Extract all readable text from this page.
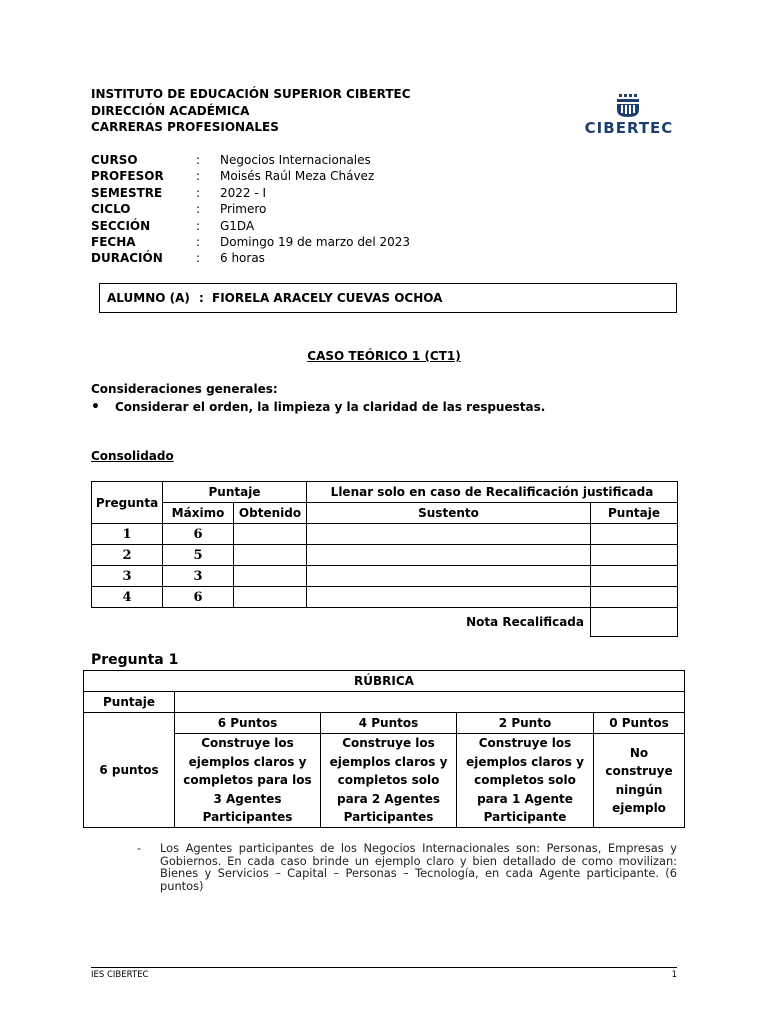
INSTITUTO DE EDUCACIÓN SUPERIOR CIBERTEC
DIRECCIÓN ACADÉMICA
CARRERAS PROFESIONALES	CIBERTEC
CURSO	:	Negocios Internacionales
PROFESOR	:	Moisés Raúl Meza Chávez
SEMESTRE	:	2022 - I
CICLO	:	Primero
SECCIÓN	:	G1DA
FECHA	:	Domingo 19 de marzo del 2023
DURACIÓN	:	6 horas
ALUMNO (A) : FIORELA ARACELY CUEVAS OCHOA
CASO TEÓRICO 1 (CT1)
Consideraciones generales:
•	Considerar el orden, la limpieza y la claridad de las respuestas.
Consolidado
Pregunta	Puntaje		Llenar solo en caso de Recalificación justificada	
	Máximo	Obtenido	Sustento	Puntaje
1	6			
2	5			
3	3			
4	6			
Nota Recalificada				
Pregunta 1
RÚBRICA				
Puntaje				
6 puntos	6 Puntos	4 Puntos	2 Punto	0 Puntos
	Construye los ejemplos claros y completos para los 3 Agentes Participantes	Construye los ejemplos claros y completos solo para 2 Agentes Participantes	Construye los ejemplos claros y completos solo para 1 Agente Participante	No construye ningún ejemplo
-	Los Agentes participantes de los Negocios Internacionales son: Personas, Empresas y Gobiernos. En cada caso brinde un ejemplo claro y bien detallado de como movilizan: Bienes y Servicios – Capital – Personas – Tecnología, en cada Agente participante. (6 puntos)
IES CIBERTEC	1
